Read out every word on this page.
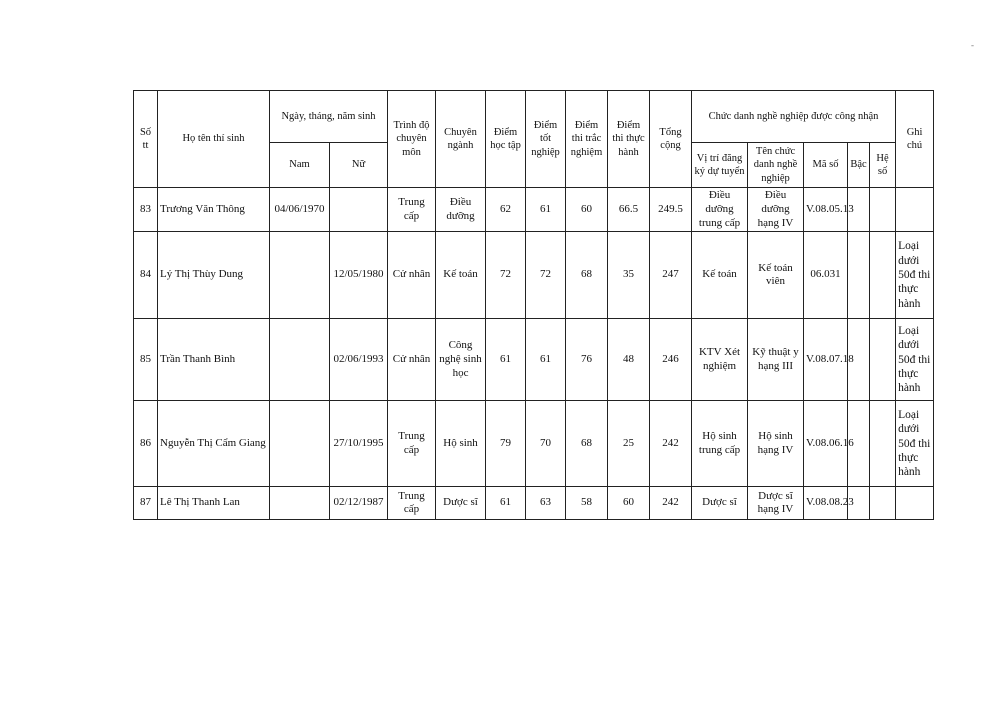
-
Số tt	Họ tên thí sinh	Ngày, tháng, năm sinh		Trình độ chuyên môn	Chuyên ngành	Điểm học tập	Điểm tốt nghiệp	Điểm thi trắc nghiệm	Điểm thi thực hành	Tổng cộng	Chức danh nghề nghiệp được công nhận					Ghi chú
		Nam	Nữ								Vị trí đăng ký dự tuyển	Tên chức danh nghề nghiệp	Mã số	Bậc	Hệ số	
83	Trương Văn Thông	04/06/1970		Trung cấp	Điều dưỡng	62	61	60	66.5	249.5	Điều dưỡng trung cấp	Điều dưỡng hạng IV	V.08.05.13			
84	Lý Thị Thùy Dung		12/05/1980	Cử nhân	Kế toán	72	72	68	35	247	Kế toán	Kế toán viên	06.031			Loại dưới 50đ thi thực hành
85	Trần Thanh Bình		02/06/1993	Cử nhân	Công nghệ sinh học	61	61	76	48	246	KTV Xét nghiệm	Kỹ thuật y hạng III	V.08.07.18			Loại dưới 50đ thi thực hành
86	Nguyễn Thị Cẩm Giang		27/10/1995	Trung cấp	Hộ sinh	79	70	68	25	242	Hộ sinh trung cấp	Hộ sinh hạng IV	V.08.06.16			Loại dưới 50đ thi thực hành
87	Lê Thị Thanh Lan		02/12/1987	Trung cấp	Dược sĩ	61	63	58	60	242	Dược sĩ	Dược sĩ hạng IV	V.08.08.23			
